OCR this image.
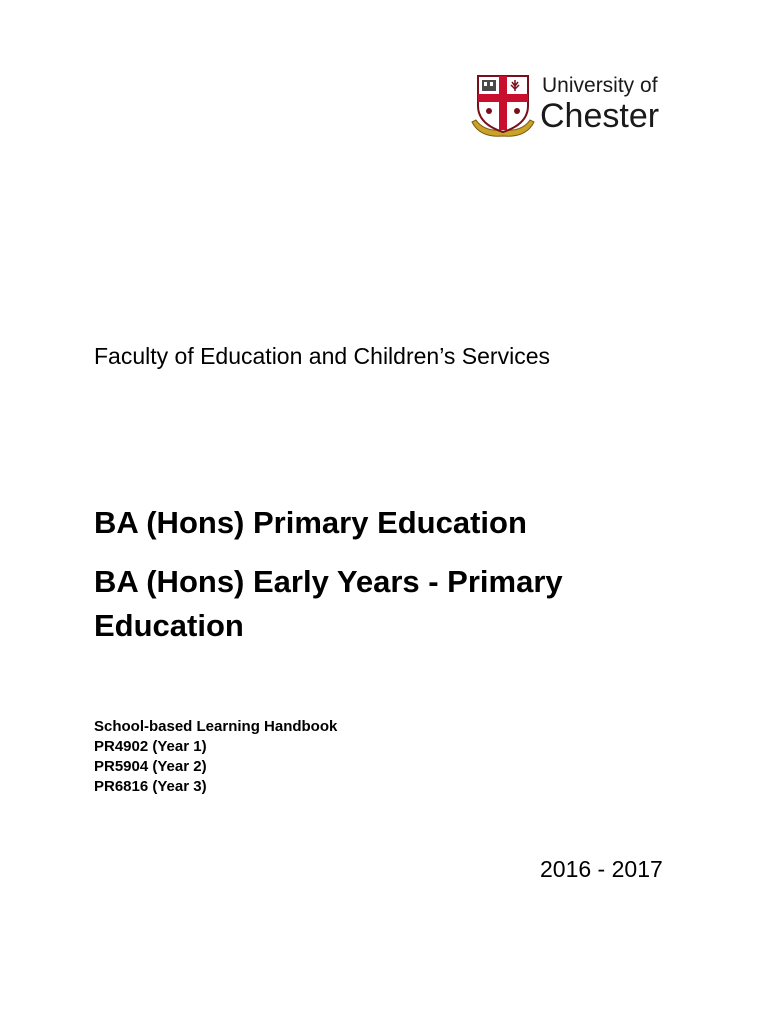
University of
Chester
Faculty of Education and Children’s Services
BA (Hons) Primary Education
BA (Hons) Early Years - Primary Education
School-based Learning Handbook
PR4902 (Year 1)
PR5904 (Year 2)
PR6816 (Year 3)
2016 - 2017
